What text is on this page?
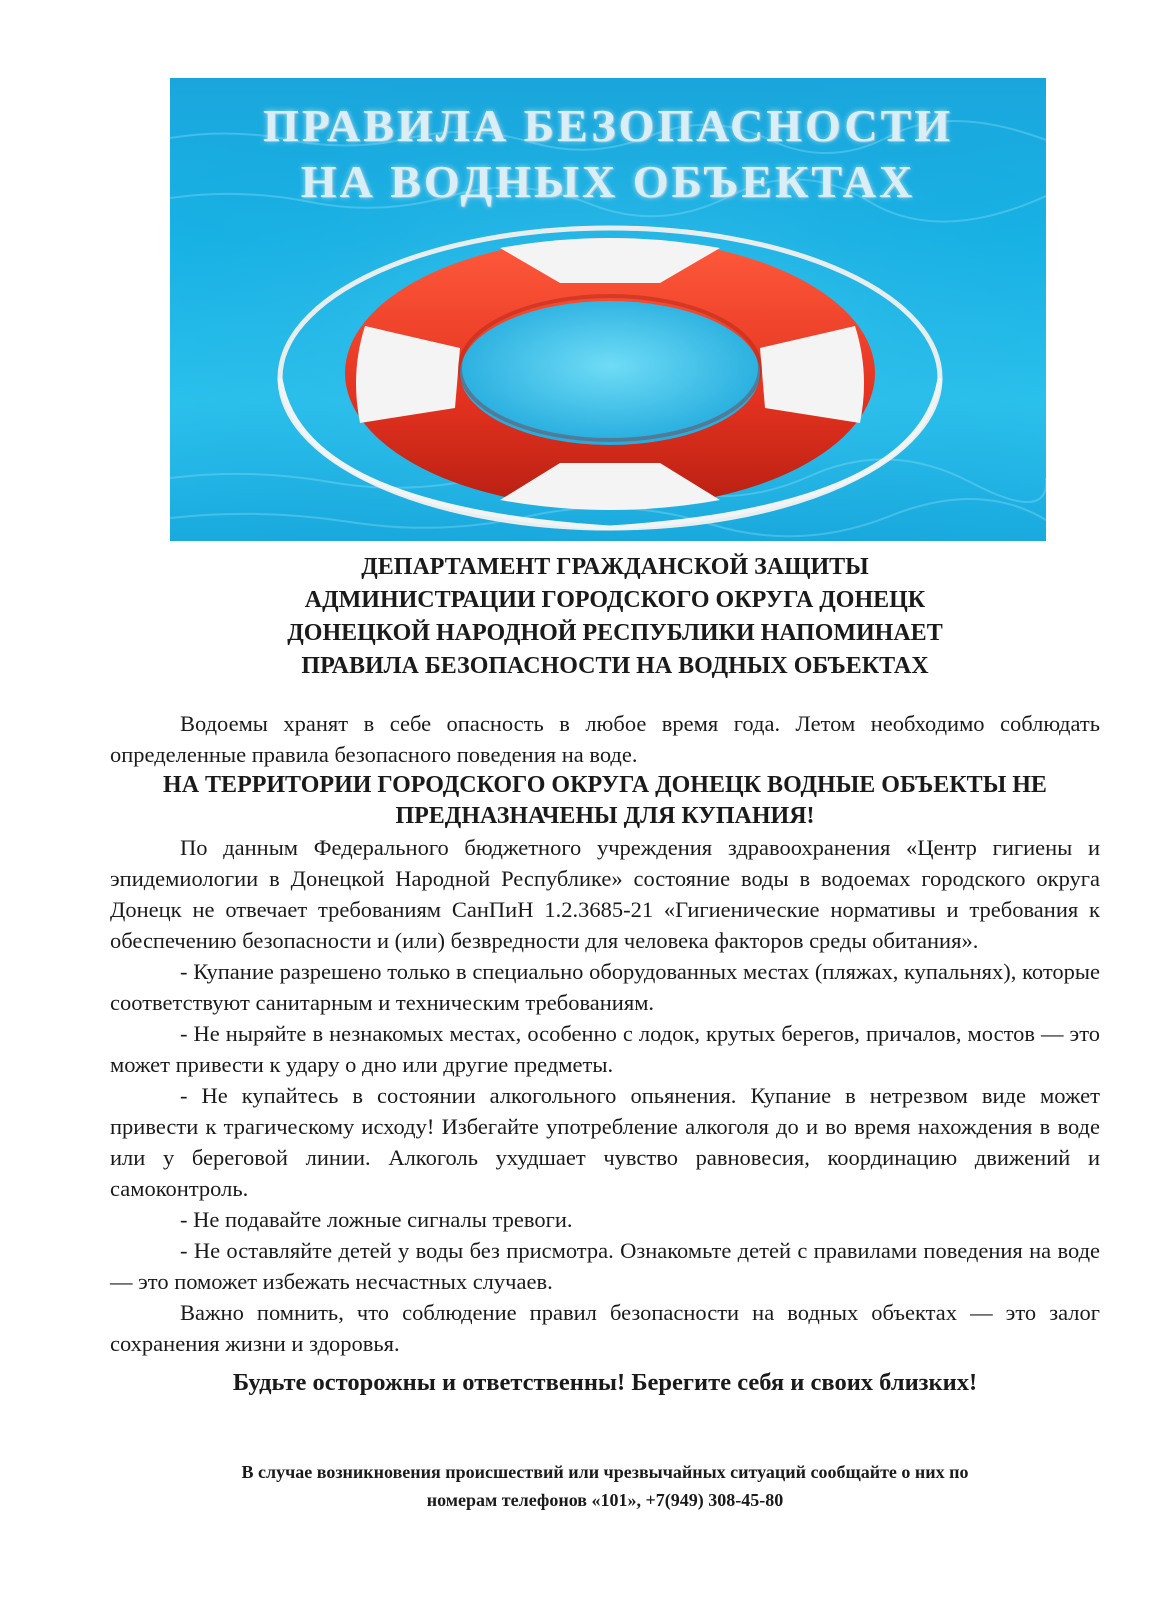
ПРАВИЛА БЕЗОПАСНОСТИ
НА ВОДНЫХ ОБЪЕКТАХ
ДЕПАРТАМЕНТ ГРАЖДАНСКОЙ ЗАЩИТЫ
АДМИНИСТРАЦИИ ГОРОДСКОГО ОКРУГА ДОНЕЦК
ДОНЕЦКОЙ НАРОДНОЙ РЕСПУБЛИКИ НАПОМИНАЕТ
ПРАВИЛА БЕЗОПАСНОСТИ НА ВОДНЫХ ОБЪЕКТАХ

Водоемы хранят в себе опасность в любое время года. Летом необходимо соблюдать определенные правила безопасного поведения на воде.

НА ТЕРРИТОРИИ ГОРОДСКОГО ОКРУГА ДОНЕЦК ВОДНЫЕ ОБЪЕКТЫ НЕ ПРЕДНАЗНАЧЕНЫ ДЛЯ КУПАНИЯ!

По данным Федерального бюджетного учреждения здравоохранения «Центр гигиены и эпидемиологии в Донецкой Народной Республике» состояние воды в водоемах городского округа Донецк не отвечает требованиям СанПиН 1.2.3685-21 «Гигиенические нормативы и требования к обеспечению безопасности и (или) безвредности для человека факторов среды обитания».

- Купание разрешено только в специально оборудованных местах (пляжах, купальнях), которые соответствуют санитарным и техническим требованиям.

- Не ныряйте в незнакомых местах, особенно с лодок, крутых берегов, причалов, мостов — это может привести к удару о дно или другие предметы.

- Не купайтесь в состоянии алкогольного опьянения. Купание в нетрезвом виде может привести к трагическому исходу! Избегайте употребление алкоголя до и во время нахождения в воде или у береговой линии. Алкоголь ухудшает чувство равновесия, координацию движений и самоконтроль.

- Не подавайте ложные сигналы тревоги.

- Не оставляйте детей у воды без присмотра. Ознакомьте детей с правилами поведения на воде — это поможет избежать несчастных случаев.

Важно помнить, что соблюдение правил безопасности на водных объектах — это залог сохранения жизни и здоровья.

Будьте осторожны и ответственны! Берегите себя и своих близких!

В случае возникновения происшествий или чрезвычайных ситуаций сообщайте о них по
номерам телефонов «101», +7(949) 308-45-80
